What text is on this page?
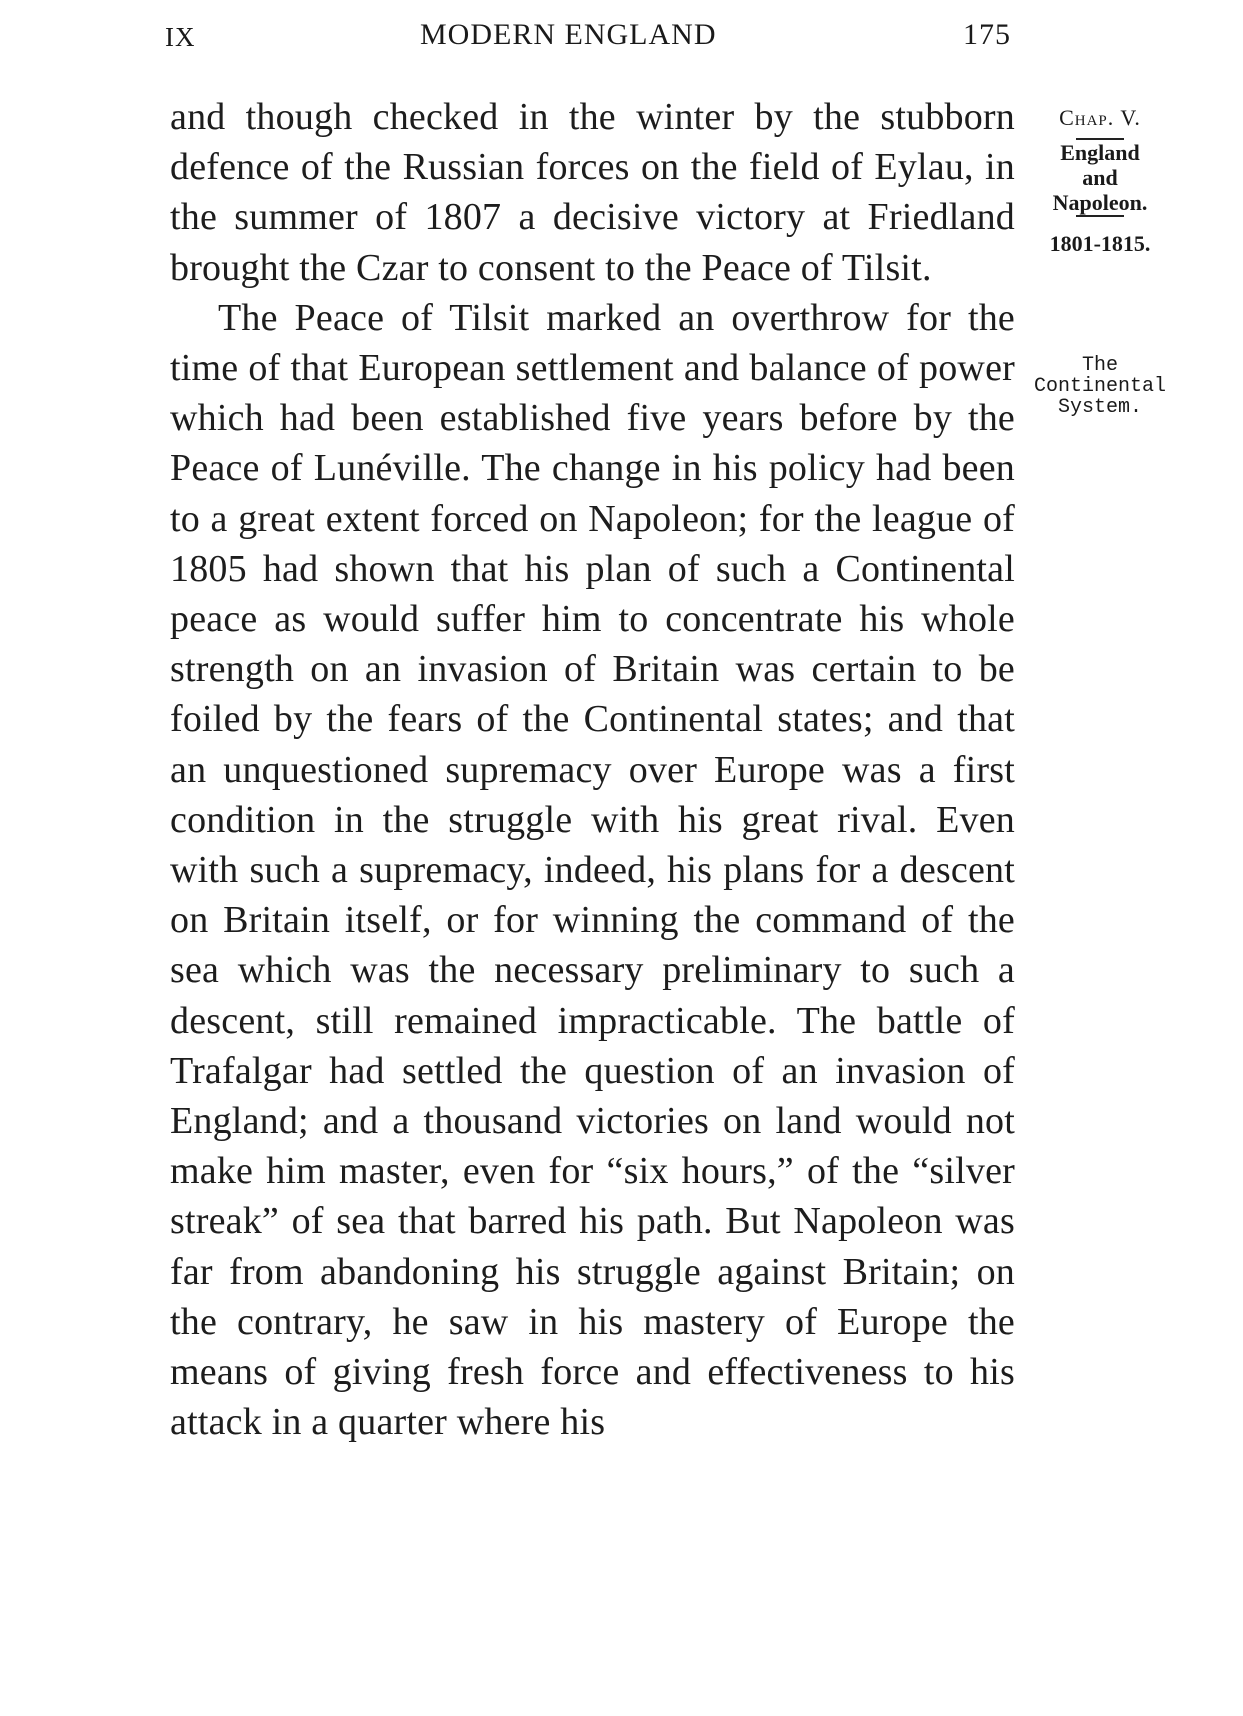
IX	MODERN ENGLAND	175

and though checked in the winter by the stubborn defence of the Russian forces on the field of Eylau, in the summer of 1807 a decisive victory at Friedland brought the Czar to consent to the Peace of Tilsit.

The Peace of Tilsit marked an overthrow for the time of that European settlement and balance of power which had been established five years before by the Peace of Lunéville. The change in his policy had been to a great extent forced on Napoleon; for the league of 1805 had shown that his plan of such a Continental peace as would suffer him to concentrate his whole strength on an invasion of Britain was certain to be foiled by the fears of the Continental states; and that an unquestioned supremacy over Europe was a first condition in the struggle with his great rival. Even with such a supremacy, indeed, his plans for a descent on Britain itself, or for winning the command of the sea which was the necessary preliminary to such a descent, still remained impracticable. The battle of Trafalgar had settled the question of an invasion of England; and a thousand victories on land would not make him master, even for “six hours,” of the “silver streak” of sea that barred his path. But Napoleon was far from abandoning his struggle against Britain; on the contrary, he saw in his mastery of Europe the means of giving fresh force and effectiveness to his attack in a quarter where his

Chap. V.
England
and
Napoleon.
1801-1815.
The
Continental
System.
